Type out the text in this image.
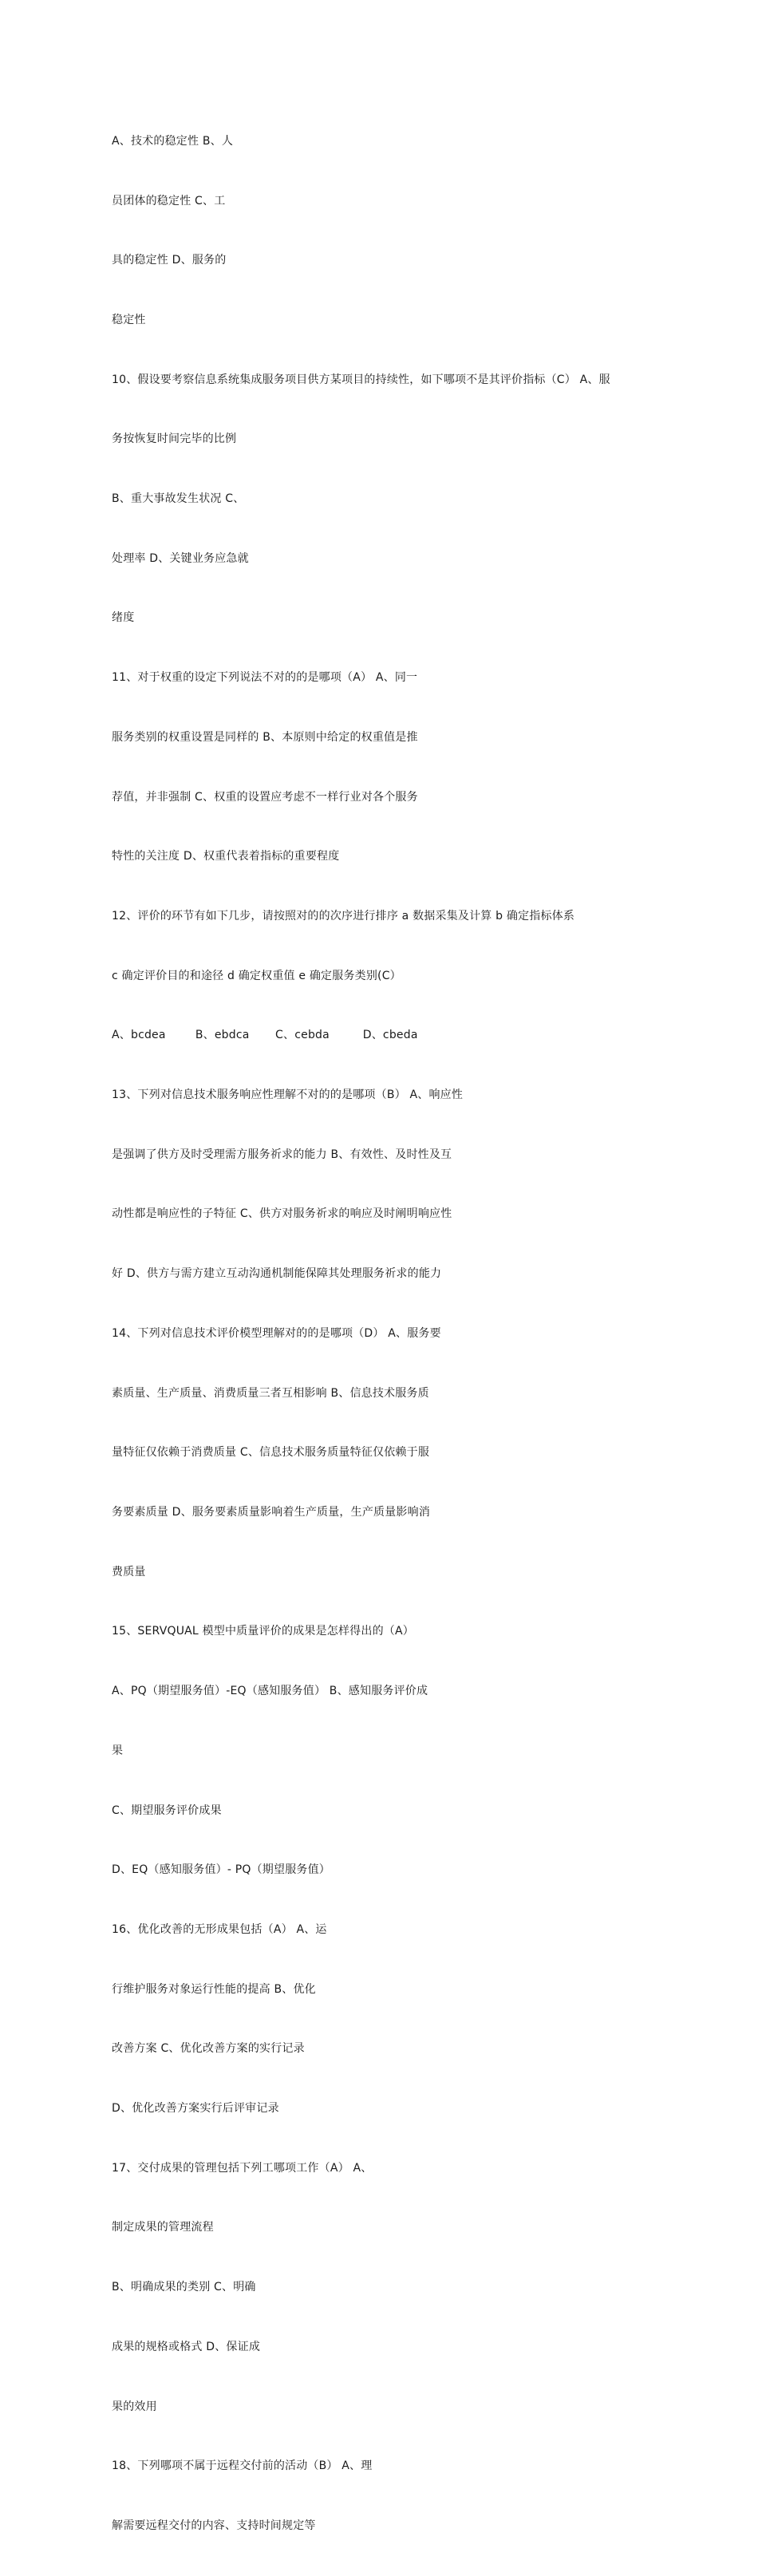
A、技术的稳定性 B、人

员团体的稳定性 C、工

具的稳定性 D、服务的

稳定性

10、假设要考察信息系统集成服务项目供方某项目的持续性，如下哪项不是其评价指标（C） A、服

务按恢复时间完毕的比例

B、重大事故发生状况 C、

处理率 D、关键业务应急就

绪度

11、对于权重的设定下列说法不对的的是哪项（A） A、同一

服务类别的权重设置是同样的 B、本原则中给定的权重值是推

荐值，并非强制 C、权重的设置应考虑不一样行业对各个服务

特性的关注度 D、权重代表着指标的重要程度

12、评价的环节有如下几步，请按照对的的次序进行排序 a 数据采集及计算 b 确定指标体系

c 确定评价目的和途径 d 确定权重值 e 确定服务类别(C）

A、bcdea        B、ebdca       C、cebda         D、cbeda

13、下列对信息技术服务响应性理解不对的的是哪项（B） A、响应性

是强调了供方及时受理需方服务祈求的能力 B、有效性、及时性及互

动性都是响应性的子特征 C、供方对服务祈求的响应及时阐明响应性

好 D、供方与需方建立互动沟通机制能保障其处理服务祈求的能力

14、下列对信息技术评价模型理解对的的是哪项（D） A、服务要

素质量、生产质量、消费质量三者互相影响 B、信息技术服务质

量特征仅依赖于消费质量 C、信息技术服务质量特征仅依赖于服

务要素质量 D、服务要素质量影响着生产质量，生产质量影响消

费质量

15、SERVQUAL 模型中质量评价的成果是怎样得出的（A）

A、PQ（期望服务值）-EQ（感知服务值） B、感知服务评价成

果

C、期望服务评价成果

D、EQ（感知服务值）- PQ（期望服务值）

16、优化改善的无形成果包括（A） A、运

行维护服务对象运行性能的提高 B、优化

改善方案 C、优化改善方案的实行记录

D、优化改善方案实行后评审记录

17、交付成果的管理包括下列工哪项工作（A） A、

制定成果的管理流程

B、明确成果的类别 C、明确

成果的规格或格式 D、保证成

果的效用

18、下列哪项不属于远程交付前的活动（B） A、理

解需要远程交付的内容、支持时间规定等
